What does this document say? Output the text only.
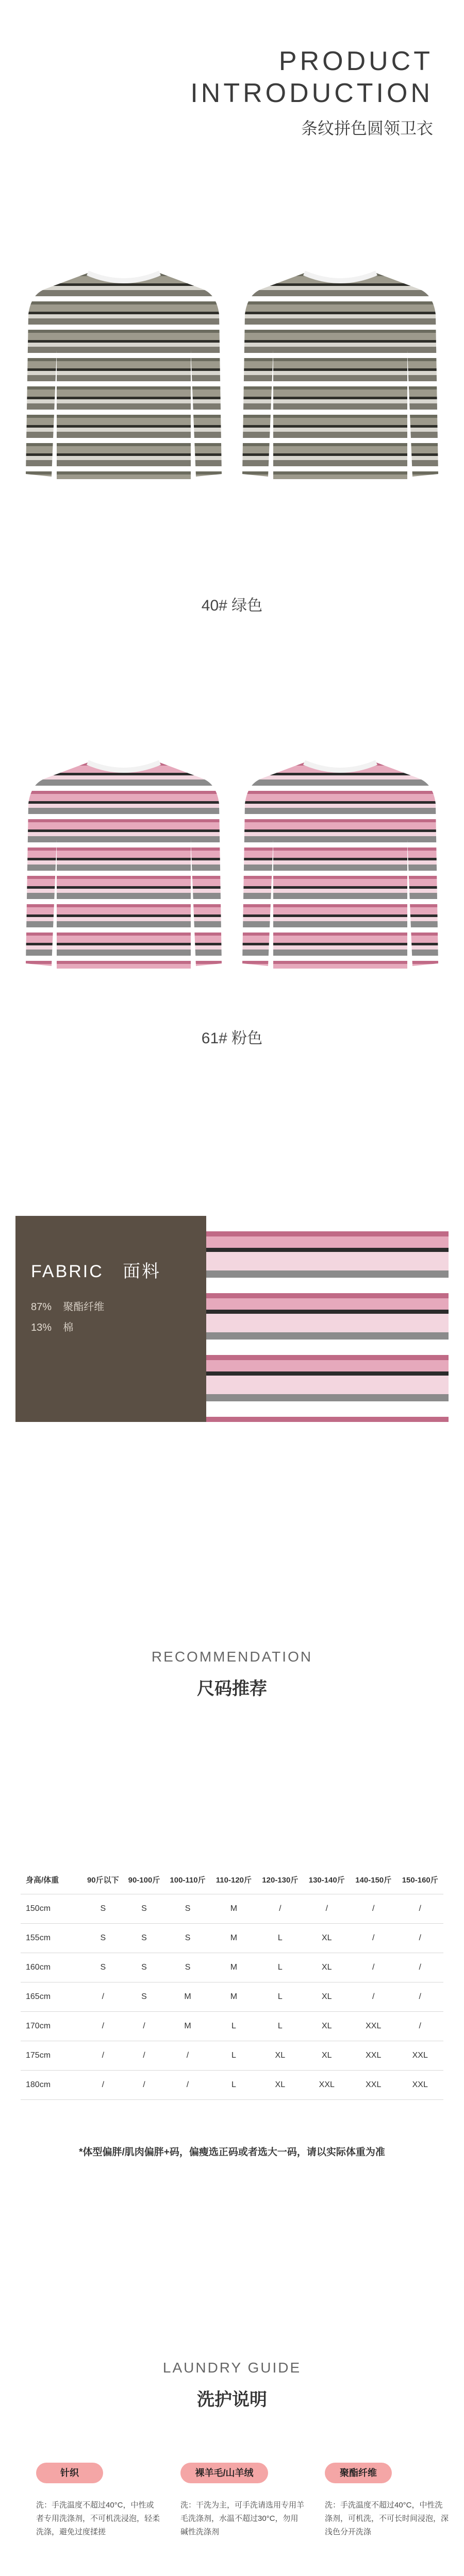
PRODUCT
INTRODUCTION
条纹拼色圆领卫衣
40# 绿色
61# 粉色
FABRIC 面料
87% 聚酯纤维
13% 棉
RECOMMENDATION
尺码推荐
身高/体重	90斤以下	90-100斤	100-110斤	110-120斤	120-130斤	130-140斤	140-150斤	150-160斤
150cm	S	S	S	M	/	/	/	/
155cm	S	S	S	M	L	XL	/	/
160cm	S	S	S	M	L	XL	/	/
165cm	/	S	M	M	L	XL	/	/
170cm	/	/	M	L	L	XL	XXL	/
175cm	/	/	/	L	XL	XL	XXL	XXL
180cm	/	/	/	L	XL	XXL	XXL	XXL
*体型偏胖/肌肉偏胖+码，偏瘦选正码或者选大一码，请以实际体重为准
LAUNDRY GUIDE
洗护说明
针织	裸羊毛/山羊绒	聚酯纤维
洗：手洗温度不超过40°C，中性或者专用洗涤剂，不可机洗浸泡，轻柔洗涤，避免过度揉搓
洗：干洗为主，可手洗请选用专用羊毛洗涤剂，水温不超过30°C，勿用碱性洗涤剂
洗：手洗温度不超过40°C，中性洗涤剂，可机洗，不可长时间浸泡，深浅色分开洗涤
